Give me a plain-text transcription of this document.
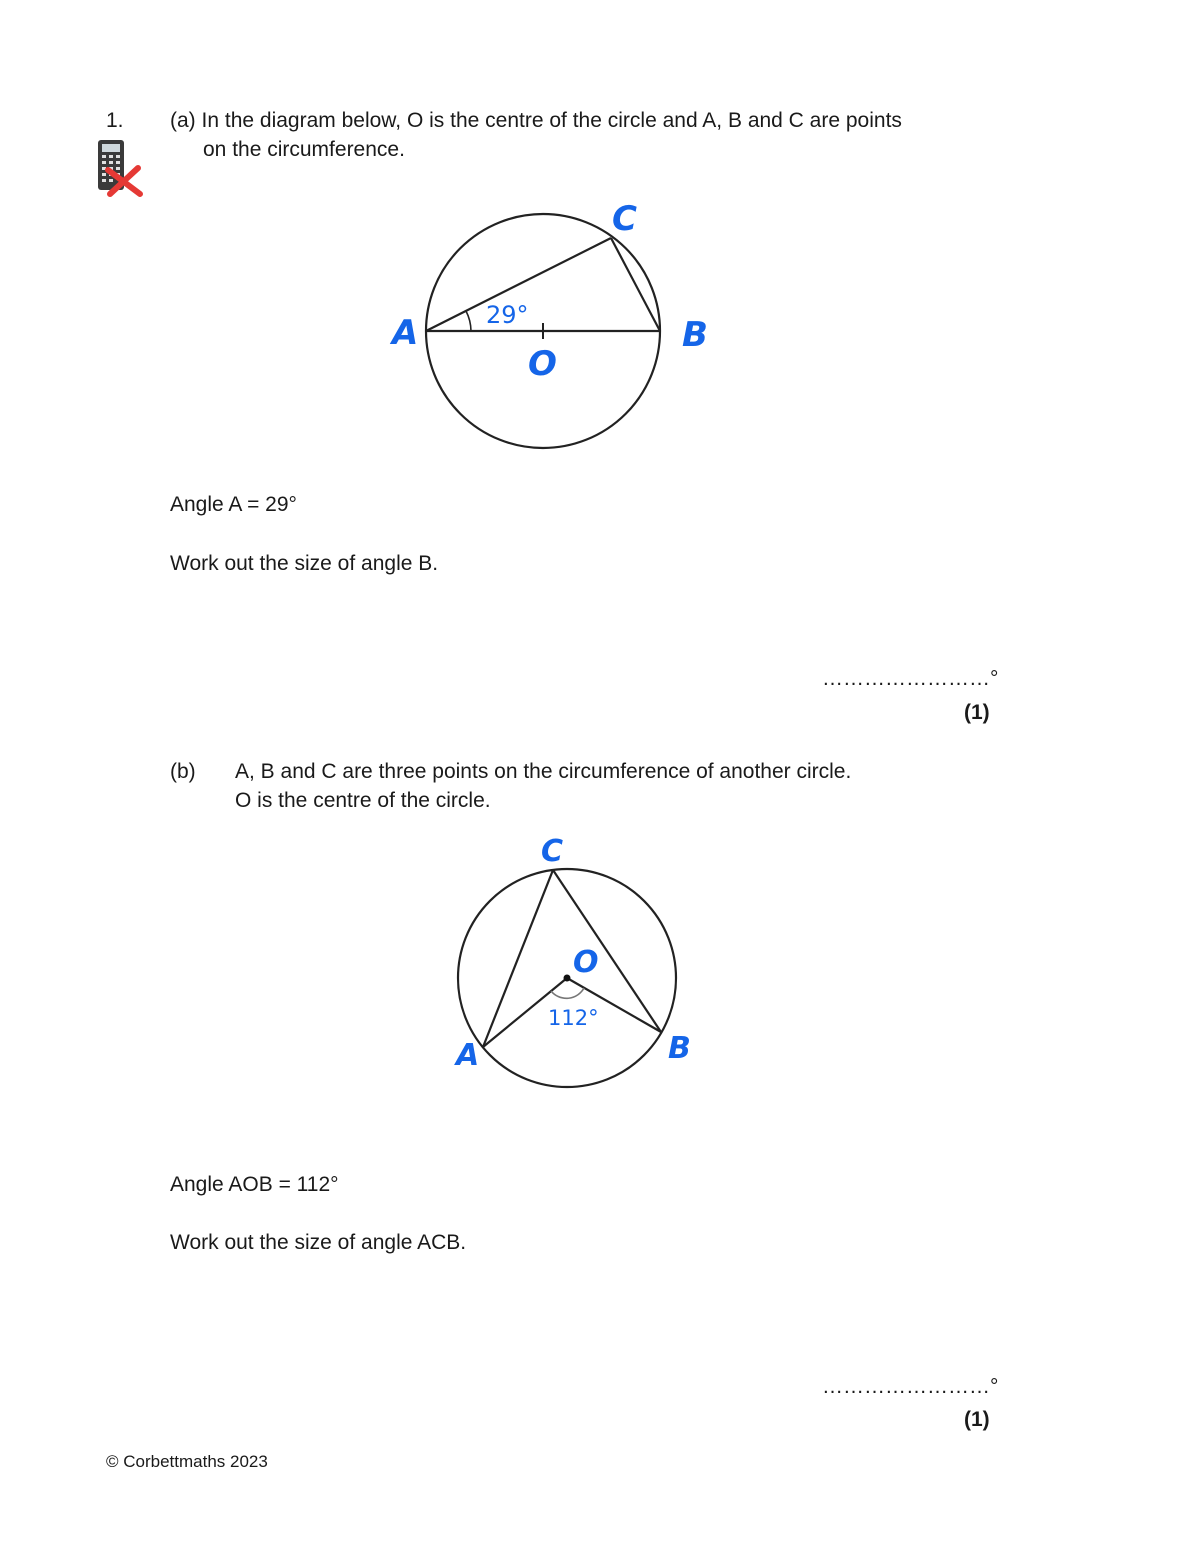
1. (a) In the diagram below, O is the centre of the circle and A, B and C are points
on the circumference.
A	B
C
O
29°
Angle A = 29°
Work out the size of angle B.
……………………°
(1)
(b) A, B and C are three points on the circumference of another circle.
O is the centre of the circle.
C
O
A	B
112°
Angle AOB = 112°
Work out the size of angle ACB.
……………………°
(1)
© Corbettmaths 2023
